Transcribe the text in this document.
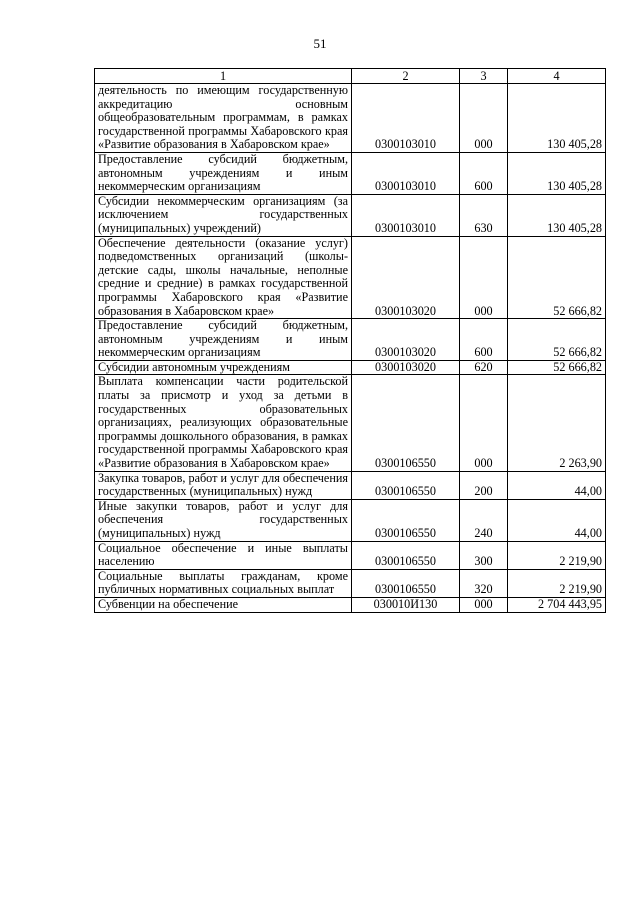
51
1	2	3	4
деятельность по имеющим государственную аккредитацию основным общеобразовательным программам, в рамках государственной программы Хабаровского края «Развитие образования в Хабаровском крае»	0300103010	000	130 405,28
Предоставление субсидий бюджетным, автономным учреждениям и иным некоммерческим организациям	0300103010	600	130 405,28
Субсидии некоммерческим организациям (за исключением государственных (муниципальных) учреждений)	0300103010	630	130 405,28
Обеспечение деятельности (оказание услуг) подведомственных организаций (школы-детские сады, школы начальные, неполные средние и средние) в рамках государственной программы Хабаровского края «Развитие образования в Хабаровском крае»	0300103020	000	52 666,82
Предоставление субсидий бюджетным, автономным учреждениям и иным некоммерческим организациям	0300103020	600	52 666,82
Субсидии автономным учреждениям	0300103020	620	52 666,82
Выплата компенсации части родительской платы за присмотр и уход за детьми в государственных образовательных организациях, реализующих образовательные программы дошкольного образования, в рамках государственной программы Хабаровского края «Развитие образования в Хабаровском крае»	0300106550	000	2 263,90
Закупка товаров, работ и услуг для обеспечения государственных (муниципальных) нужд	0300106550	200	44,00
Иные закупки товаров, работ и услуг для обеспечения государственных (муниципальных) нужд	0300106550	240	44,00
Социальное обеспечение и иные выплаты населению	0300106550	300	2 219,90
Социальные выплаты гражданам, кроме публичных нормативных социальных выплат	0300106550	320	2 219,90
Субвенции на обеспечение	030010И130	000	2 704 443,95
